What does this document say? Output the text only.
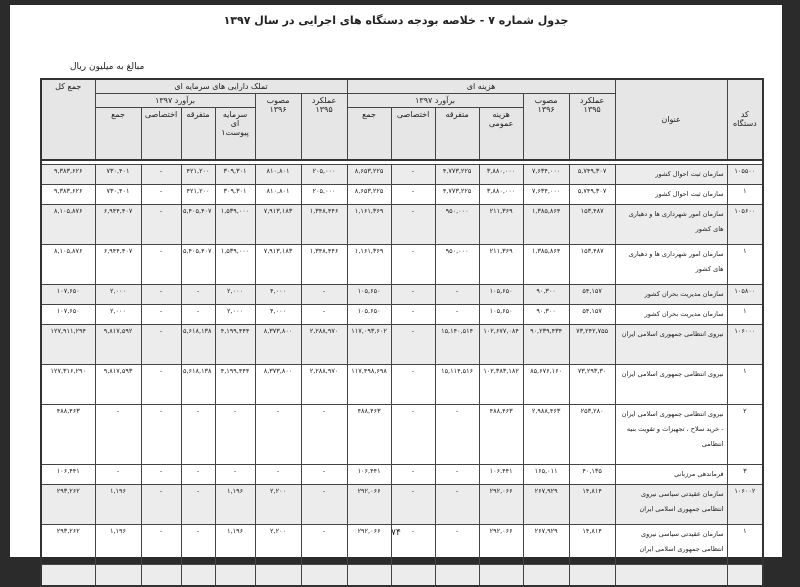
جدول شماره ۷ - خلاصه بودجه دستگاه های اجرایی در سال ۱۳۹۷
مبالغ به میلیون ریال
کد دستگاه	عنوان	هزینه ای						تملک دارایی های سرمایه ای						جمع کل
		عملکرد ۱۳۹۵	مصوب ۱۳۹۶	برآورد ۱۳۹۷				عملکرد ۱۳۹۵	مصوب ۱۳۹۶	برآورد ۱۳۹۷				
				هزینه عمومی	متفرقه	اختصاصی	جمع			سرمایه ای پیوست۱	متفرقه	اختصاصی	جمع	

۱۰۵۵۰۰	سازمان ثبت احوال کشور	۵,۷۴۹,۳۰۷	۷,۶۳۴,۰۰۰	۳,۸۸۰,۰۰۰	۴,۷۷۳,۲۲۵	-	۸,۶۵۳,۲۲۵	۲۰۵,۰۰۰	۸۱۰,۸۰۱	۳۰۹,۳۰۱	۴۲۱,۲۰۰	-	۷۳۰,۴۰۱	۹,۳۸۳,۶۲۶
۱	سازمان ثبت احوال کشور	۵,۷۴۹,۳۰۷	۷,۶۳۴,۰۰۰	۳,۸۸۰,۰۰۰	۴,۷۷۳,۲۲۵	-	۸,۶۵۳,۲۲۵	۲۰۵,۰۰۰	۸۱۰,۸۰۱	۳۰۹,۳۰۱	۴۲۱,۲۰۰	-	۷۳۰,۴۰۱	۹,۳۸۳,۶۲۶
۱۰۵۶۰۰	سازمان امور شهرداری ها و دهیاری های کشور	۱۵۳,۴۸۷	۱,۳۸۵,۸۶۴	۲۱۱,۳۶۹	۹۵۰,۰۰۰	-	۱,۱۶۱,۳۶۹	۱,۳۴۸,۴۴۶	۷,۹۱۳,۱۸۳	۱,۵۳۹,۰۰۰	۵,۴۰۵,۴۰۷	-	۶,۹۴۴,۴۰۷	۸,۱۰۵,۸۷۶
۱	سازمان امور شهرداری ها و دهیاری های کشور	۱۵۳,۴۸۷	۱,۳۸۵,۸۶۴	۲۱۱,۳۶۹	۹۵۰,۰۰۰	-	۱,۱۶۱,۳۶۹	۱,۳۴۸,۴۴۶	۷,۹۱۳,۱۸۳	۱,۵۳۹,۰۰۰	۵,۴۰۵,۴۰۷	-	۶,۹۴۴,۴۰۷	۸,۱۰۵,۸۷۶
۱۰۵۸۰۰	سازمان مدیریت بحران کشور	۵۴,۱۵۷	۹۰,۳۰۰	۱۰۵,۶۵۰	-	-	۱۰۵,۶۵۰	-	۴,۰۰۰	۲,۰۰۰	-	-	۲,۰۰۰	۱۰۷,۶۵۰
۱	سازمان مدیریت بحران کشور	۵۴,۱۵۷	۹۰,۳۰۰	۱۰۵,۶۵۰	-	-	۱۰۵,۶۵۰	-	۴,۰۰۰	۲,۰۰۰	-	-	۲,۰۰۰	۱۰۷,۶۵۰
۱۰۶۰۰۰	نیروی انتظامی جمهوری اسلامی ایران	۷۳,۲۴۲,۷۵۵	۹۰,۲۳۹,۴۳۴	۱۰۲,۶۷۷,۰۸۴	۱۵,۱۴۰,۵۱۴	-	۱۱۷,۰۹۳,۶۰۲	۲,۲۸۸,۹۷۰	۸,۳۷۳,۸۰۰	۴,۱۹۹,۴۴۴	۵,۶۱۸,۱۳۸	-	۹,۸۱۷,۵۹۲	۱۲۷,۹۱۱,۲۹۴
۱	نیروی انتظامی جمهوری اسلامی ایران	۷۳,۲۹۳,۳۰	۸۵,۶۷۶,۱۶۰	۱۰۲,۳۸۳,۱۸۲	۱۵,۱۱۴,۵۱۶	-	۱۱۷,۴۹۸,۶۹۸	۲,۲۸۸,۹۷۰	۸,۳۷۳,۸۰۰	۴,۱۹۹,۴۴۴	۵,۶۱۸,۱۳۸	-	۹,۸۱۷,۵۹۳	۱۲۷,۳۱۶,۲۹۰
۲	نیروی انتظامی جمهوری اسلامی ایران - خرید سلاح ، تجهیزات و تقویت بنیه انتظامی	۲۵۳,۲۸۰	۲,۹۸۸,۴۶۳	۴۸۸,۴۶۳	-	-	۴۸۸,۴۶۳	-	-	-	-	-	-	۴۸۸,۴۶۳
۳	فرماندهی مرزبانی	۴۰,۱۳۵	۱۶۵,۰۱۱	۱۰۶,۴۴۱	-	-	۱۰۶,۴۴۱	-	-	-	-	-	-	۱۰۶,۴۴۱
۱۰۶۰۰۲	سازمان عقیدتی سیاسی نیروی انتظامی جمهوری اسلامی ایران	۱۴,۸۱۴	۲۶۷,۹۲۹	۲۹۲,۰۶۶	-	-	۲۹۲,۰۶۶	-	۲,۲۰۰	۱,۱۹۶	-	-	۱,۱۹۶	۲۹۳,۲۶۲
۱	سازمان عقیدتی سیاسی نیروی انتظامی جمهوری اسلامی ایران	۱۴,۸۱۴	۲۶۷,۹۲۹	۲۹۲,۰۶۶	-	-	۲۹۲,۰۶۶	-	۲,۲۰۰	۱,۱۹۶	-	-	۱,۱۹۶	۲۹۳,۲۶۲
															۷۴
